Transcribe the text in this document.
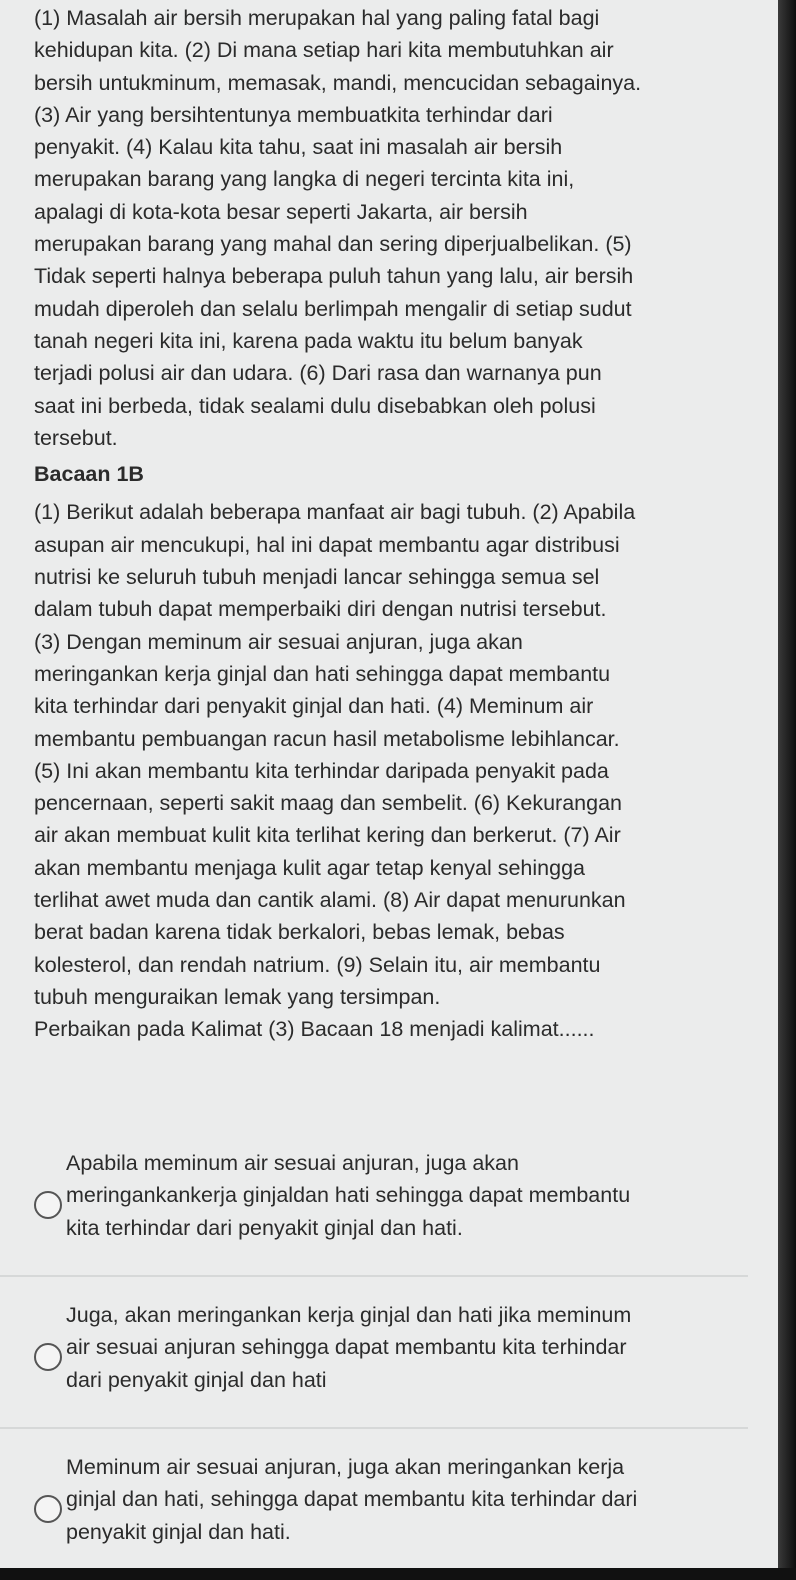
(1) Masalah air bersih merupakan hal yang paling fatal bagi
kehidupan kita. (2) Di mana setiap hari kita membutuhkan air
bersih untukminum, memasak, mandi, mencucidan sebagainya.
(3) Air yang bersihtentunya membuatkita terhindar dari
penyakit. (4) Kalau kita tahu, saat ini masalah air bersih
merupakan barang yang langka di negeri tercinta kita ini,
apalagi di kota-kota besar seperti Jakarta, air bersih
merupakan barang yang mahal dan sering diperjualbelikan. (5)
Tidak seperti halnya beberapa puluh tahun yang lalu, air bersih
mudah diperoleh dan selalu berlimpah mengalir di setiap sudut
tanah negeri kita ini, karena pada waktu itu belum banyak
terjadi polusi air dan udara. (6) Dari rasa dan warnanya pun
saat ini berbeda, tidak sealami dulu disebabkan oleh polusi
tersebut.
Bacaan 1B
(1) Berikut adalah beberapa manfaat air bagi tubuh. (2) Apabila
asupan air mencukupi, hal ini dapat membantu agar distribusi
nutrisi ke seluruh tubuh menjadi lancar sehingga semua sel
dalam tubuh dapat memperbaiki diri dengan nutrisi tersebut.
(3) Dengan meminum air sesuai anjuran, juga akan
meringankan kerja ginjal dan hati sehingga dapat membantu
kita terhindar dari penyakit ginjal dan hati. (4) Meminum air
membantu pembuangan racun hasil metabolisme lebihlancar.
(5) Ini akan membantu kita terhindar daripada penyakit pada
pencernaan, seperti sakit maag dan sembelit. (6) Kekurangan
air akan membuat kulit kita terlihat kering dan berkerut. (7) Air
akan membantu menjaga kulit agar tetap kenyal sehingga
terlihat awet muda dan cantik alami. (8) Air dapat menurunkan
berat badan karena tidak berkalori, bebas lemak, bebas
kolesterol, dan rendah natrium. (9) Selain itu, air membantu
tubuh menguraikan lemak yang tersimpan.
Perbaikan pada Kalimat (3) Bacaan 18 menjadi kalimat......
Apabila meminum air sesuai anjuran, juga akan
meringankankerja ginjaldan hati sehingga dapat membantu
kita terhindar dari penyakit ginjal dan hati.
Juga, akan meringankan kerja ginjal dan hati jika meminum
air sesuai anjuran sehingga dapat membantu kita terhindar
dari penyakit ginjal dan hati
Meminum air sesuai anjuran, juga akan meringankan kerja
ginjal dan hati, sehingga dapat membantu kita terhindar dari
penyakit ginjal dan hati.
